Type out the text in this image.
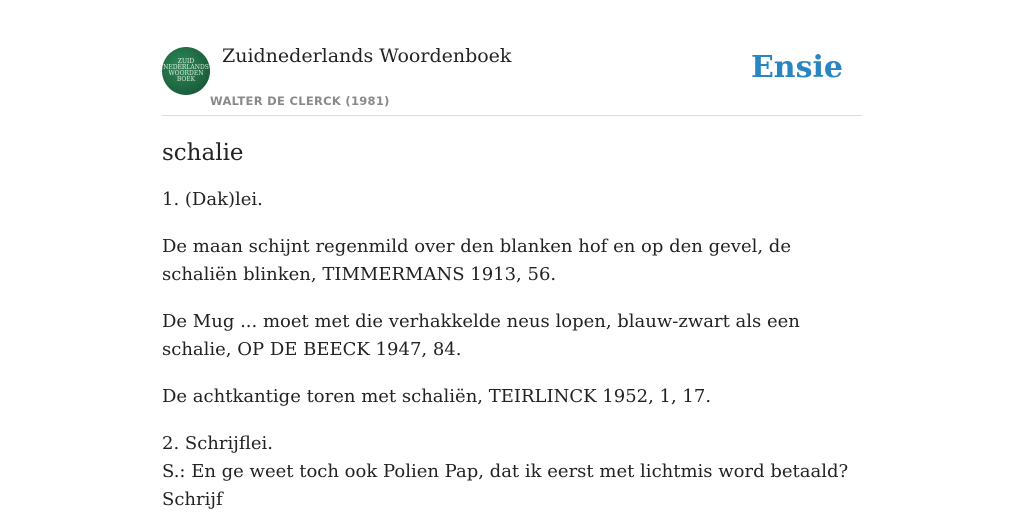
ZUID
NEDERLANDS
WOORDEN
BOEK
Zuidnederlands Woordenboek
WALTER DE CLERCK (1981)
Ensie
schalie

1. (Dak)lei.

De maan schijnt regenmild over den blanken hof en op den gevel, de schaliën blinken, TIMMERMANS 1913, 56.

De Mug ... moet met die verhakkelde neus lopen, blauw-zwart als een schalie, OP DE BEECK 1947, 84.

De achtkantige toren met schaliën, TEIRLINCK 1952, 1, 17.

2. Schrijflei.

S.: En ge weet toch ook Polien Pap, dat ik eerst met lichtmis word betaald? Schrijf
